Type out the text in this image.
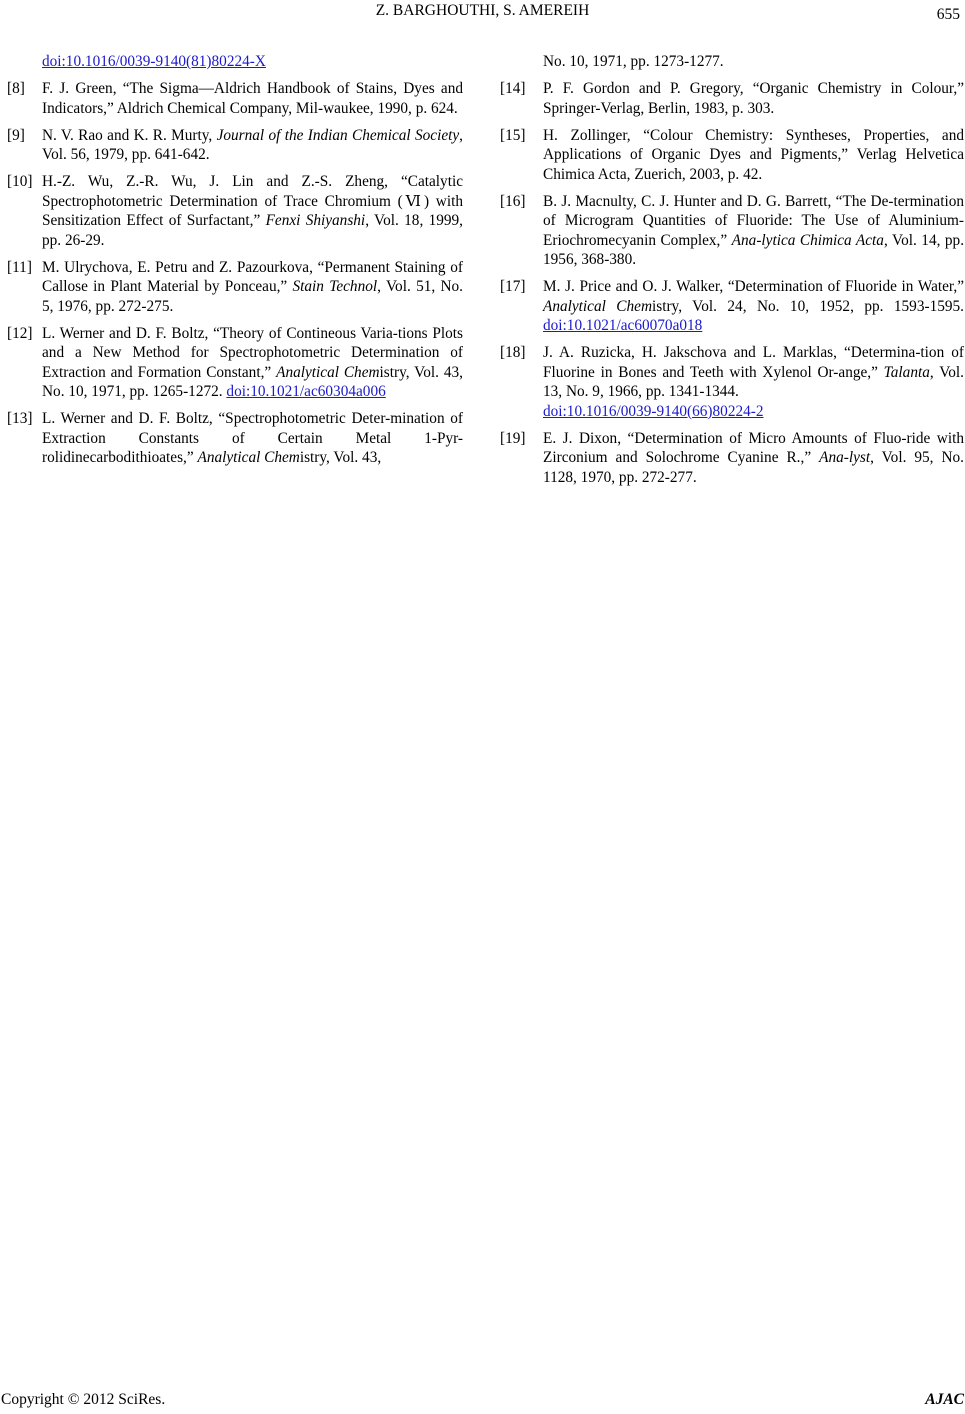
Z. BARGHOUTHI, S. AMEREIH	655
doi:10.1016/0039-9140(81)80224-X
[8] F. J. Green, “The Sigma—Aldrich Handbook of Stains, Dyes and Indicators,” Aldrich Chemical Company, Mil-waukee, 1990, p. 624.
[9] N. V. Rao and K. R. Murty, Journal of the Indian Chemical Society, Vol. 56, 1979, pp. 641-642.
[10] H.-Z. Wu, Z.-R. Wu, J. Lin and Z.-S. Zheng, “Catalytic Spectrophotometric Determination of Trace Chromium (Ⅵ) with Sensitization Effect of Surfactant,” Fenxi Shiyanshi, Vol. 18, 1999, pp. 26-29.
[11] M. Ulrychova, E. Petru and Z. Pazourkova, “Permanent Staining of Callose in Plant Material by Ponceau,” Stain Technol, Vol. 51, No. 5, 1976, pp. 272-275.
[12] L. Werner and D. F. Boltz, “Theory of Contineous Varia-tions Plots and a New Method for Spectrophotometric Determination of Extraction and Formation Constant,” Analytical Chemistry, Vol. 43, No. 10, 1971, pp. 1265-1272. doi:10.1021/ac60304a006
[13] L. Werner and D. F. Boltz, “Spectrophotometric Deter-mination of Extraction Constants of Certain Metal 1-Pyr-rolidinecarbodithioates,” Analytical Chemistry, Vol. 43,
No. 10, 1971, pp. 1273-1277.
[14] P. F. Gordon and P. Gregory, “Organic Chemistry in Colour,” Springer-Verlag, Berlin, 1983, p. 303.
[15] H. Zollinger, “Colour Chemistry: Syntheses, Properties, and Applications of Organic Dyes and Pigments,” Verlag Helvetica Chimica Acta, Zuerich, 2003, p. 42.
[16] B. J. Macnulty, C. J. Hunter and D. G. Barrett, “The De-termination of Microgram Quantities of Fluoride: The Use of Aluminium-Eriochromecyanin Complex,” Ana-lytica Chimica Acta, Vol. 14, pp. 1956, 368-380.
[17] M. J. Price and O. J. Walker, “Determination of Fluoride in Water,” Analytical Chemistry, Vol. 24, No. 10, 1952, pp. 1593-1595. doi:10.1021/ac60070a018
[18] J. A. Ruzicka, H. Jakschova and L. Marklas, “Determina-tion of Fluorine in Bones and Teeth with Xylenol Or-ange,” Talanta, Vol. 13, No. 9, 1966, pp. 1341-1344.
doi:10.1016/0039-9140(66)80224-2
[19] E. J. Dixon, “Determination of Micro Amounts of Fluo-ride with Zirconium and Solochrome Cyanine R.,” Ana-lyst, Vol. 95, No. 1128, 1970, pp. 272-277.
Copyright © 2012 SciRes.	AJAC
